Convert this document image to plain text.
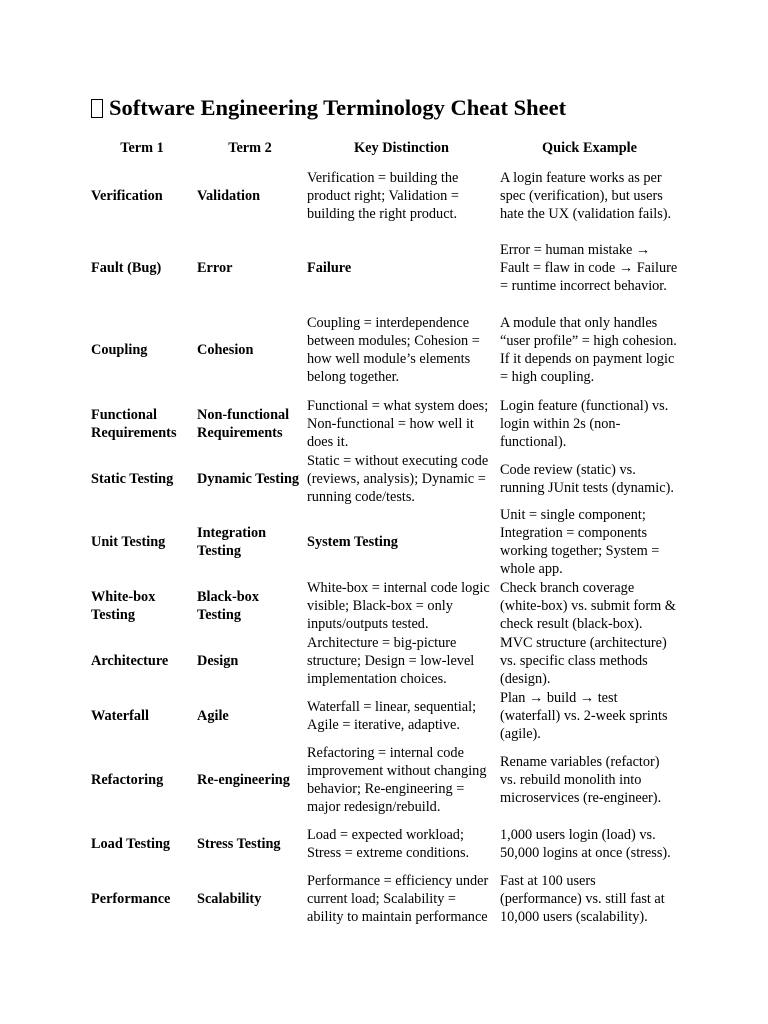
Software Engineering Terminology Cheat Sheet
Term 1	Term 2	Key Distinction	Quick Example
Verification	Validation	Verification = building the product right; Validation = building the right product.	A login feature works as per spec (verification), but users hate the UX (validation fails).
Fault (Bug)	Error	Failure	Error = human mistake → Fault = flaw in code → Failure = runtime incorrect behavior.
Coupling	Cohesion	Coupling = interdependence between modules; Cohesion = how well module’s elements belong together.	A module that only handles “user profile” = high cohesion. If it depends on payment logic = high coupling.
Functional Requirements	Non-functional Requirements	Functional = what system does; Non-functional = how well it does it.	Login feature (functional) vs. login within 2s (non-functional).
Static Testing	Dynamic Testing	Static = without executing code (reviews, analysis); Dynamic = running code/tests.	Code review (static) vs. running JUnit tests (dynamic).
Unit Testing	Integration Testing	System Testing	Unit = single component; Integration = components working together; System = whole app.
White-box Testing	Black-box Testing	White-box = internal code logic visible; Black-box = only inputs/outputs tested.	Check branch coverage (white-box) vs. submit form & check result (black-box).
Architecture	Design	Architecture = big-picture structure; Design = low-level implementation choices.	MVC structure (architecture) vs. specific class methods (design).
Waterfall	Agile	Waterfall = linear, sequential; Agile = iterative, adaptive.	Plan → build → test (waterfall) vs. 2-week sprints (agile).
Refactoring	Re-engineering	Refactoring = internal code improvement without changing behavior; Re-engineering = major redesign/rebuild.	Rename variables (refactor) vs. rebuild monolith into microservices (re-engineer).
Load Testing	Stress Testing	Load = expected workload; Stress = extreme conditions.	1,000 users login (load) vs. 50,000 logins at once (stress).
Performance	Scalability	Performance = efficiency under current load; Scalability = ability to maintain performance	Fast at 100 users (performance) vs. still fast at 10,000 users (scalability).
